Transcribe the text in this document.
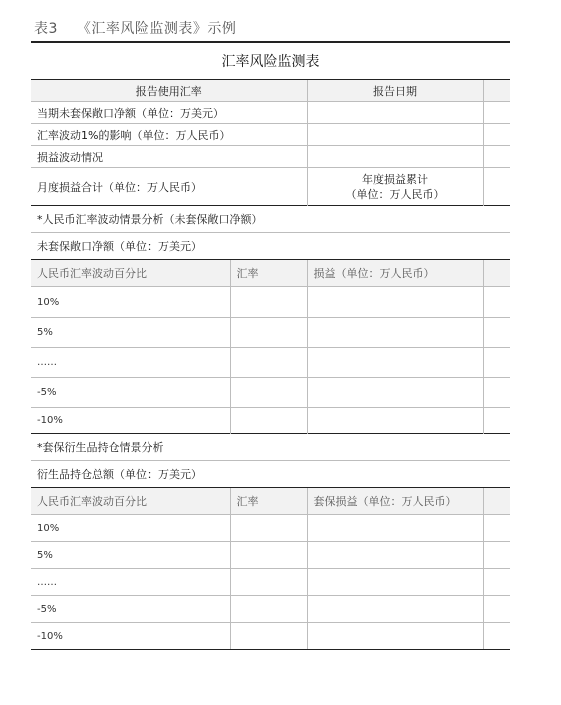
表3 《汇率风险监测表》示例
汇率风险监测表
报告使用汇率		报告日期	
当期未套保敞口净额（单位：万美元）			
汇率波动1%的影响（单位：万人民币）			
损益波动情况			
月度损益合计（单位：万人民币）		年度损益累计
（单位：万人民币）	

*人民币汇率波动情景分析（未套保敞口净额）			
未套保敞口净额（单位：万美元）			
人民币汇率波动百分比	汇率	损益（单位：万人民币）	
10%			
5%			
……			
-5%			
-10%			
*套保衍生品持仓情景分析			
衍生品持仓总额（单位：万美元）			
人民币汇率波动百分比	汇率	套保损益（单位：万人民币）	
10%			
5%			
……			
-5%			
-10%			
